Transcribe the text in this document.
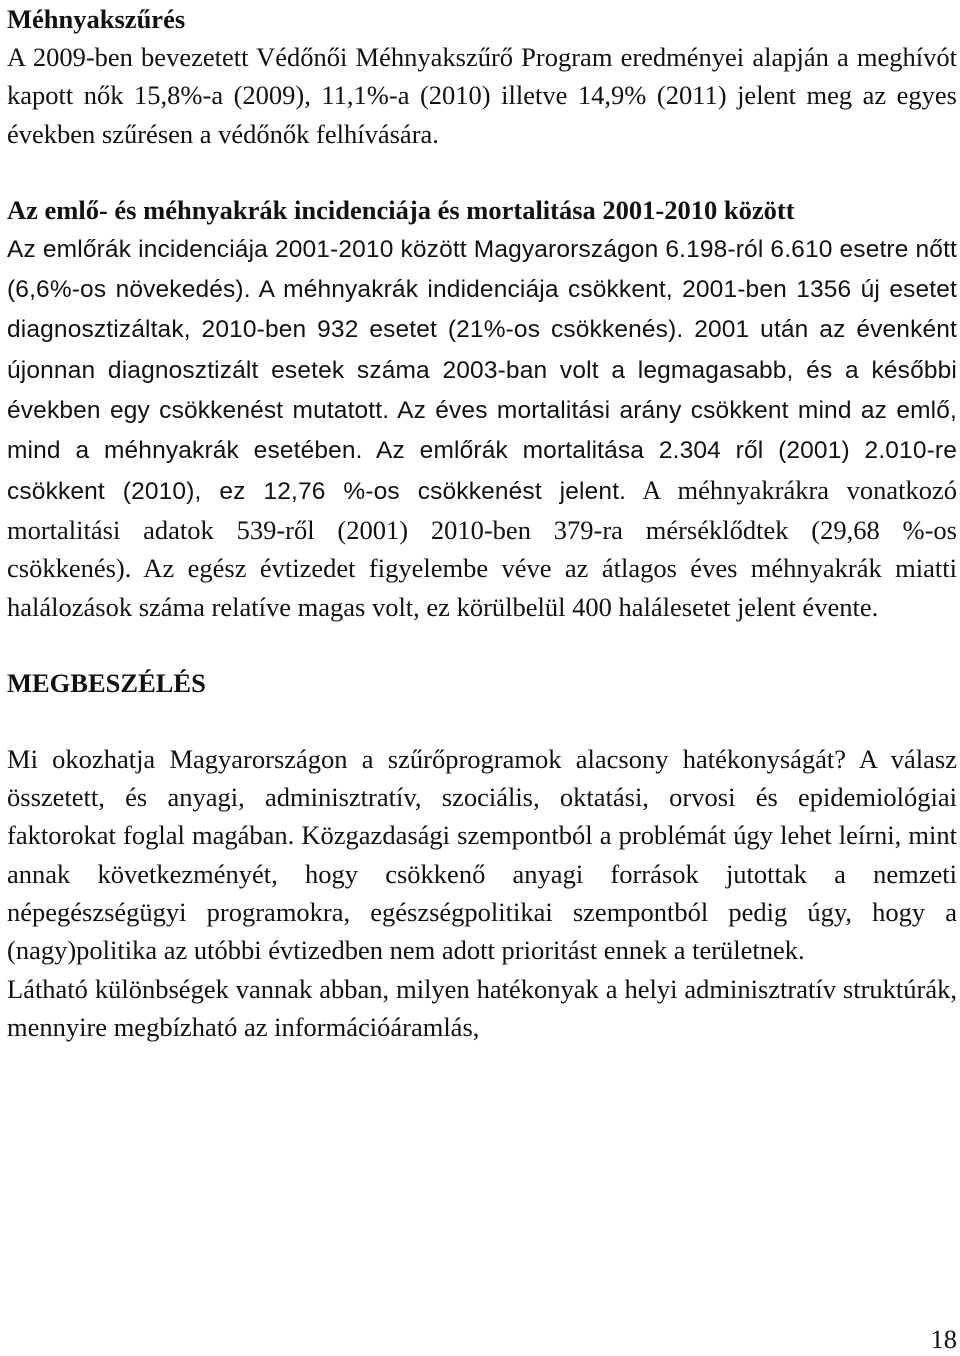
Méhnyakszűrés

A 2009-ben bevezetett Védőnői Méhnyakszűrő Program eredményei alapján a meghívót kapott nők 15,8%-a (2009), 11,1%-a (2010) illetve 14,9% (2011) jelent meg az egyes években szűrésen a védőnők felhívására.

Az emlő- és méhnyakrák incidenciája és mortalitása 2001-2010 között

Az emlőrák incidenciája 2001-2010 között Magyarországon 6.198-ról 6.610 esetre nőtt (6,6%-os növekedés). A méhnyakrák indidenciája csökkent, 2001-ben 1356 új esetet diagnosztizáltak, 2010-ben 932 esetet (21%-os csökkenés). 2001 után az évenként újonnan diagnosztizált esetek száma 2003-ban volt a legmagasabb, és a későbbi években egy csökkenést mutatott. Az éves mortalitási arány csökkent mind az emlő, mind a méhnyakrák esetében. Az emlőrák mortalitása 2.304 ről (2001) 2.010-re csökkent (2010), ez 12,76 %-os csökkenést jelent. A méhnyakrákra vonatkozó mortalitási adatok 539-ről (2001) 2010-ben 379-ra mérséklődtek (29,68 %-os csökkenés). Az egész évtizedet figyelembe véve az átlagos éves méhnyakrák miatti halálozások száma relatíve magas volt, ez körülbelül 400 halálesetet jelent évente.

MEGBESZÉLÉS

Mi okozhatja Magyarországon a szűrőprogramok alacsony hatékonyságát? A válasz összetett, és anyagi, adminisztratív, szociális, oktatási, orvosi és epidemiológiai faktorokat foglal magában. Közgazdasági szempontból a problémát úgy lehet leírni, mint annak következményét, hogy csökkenő anyagi források jutottak a nemzeti népegészségügyi programokra, egészségpolitikai szempontból pedig úgy, hogy a (nagy)politika az utóbbi évtizedben nem adott prioritást ennek a területnek.

Látható különbségek vannak abban, milyen hatékonyak a helyi adminisztratív struktúrák, mennyire megbízható az információáramlás,

18
